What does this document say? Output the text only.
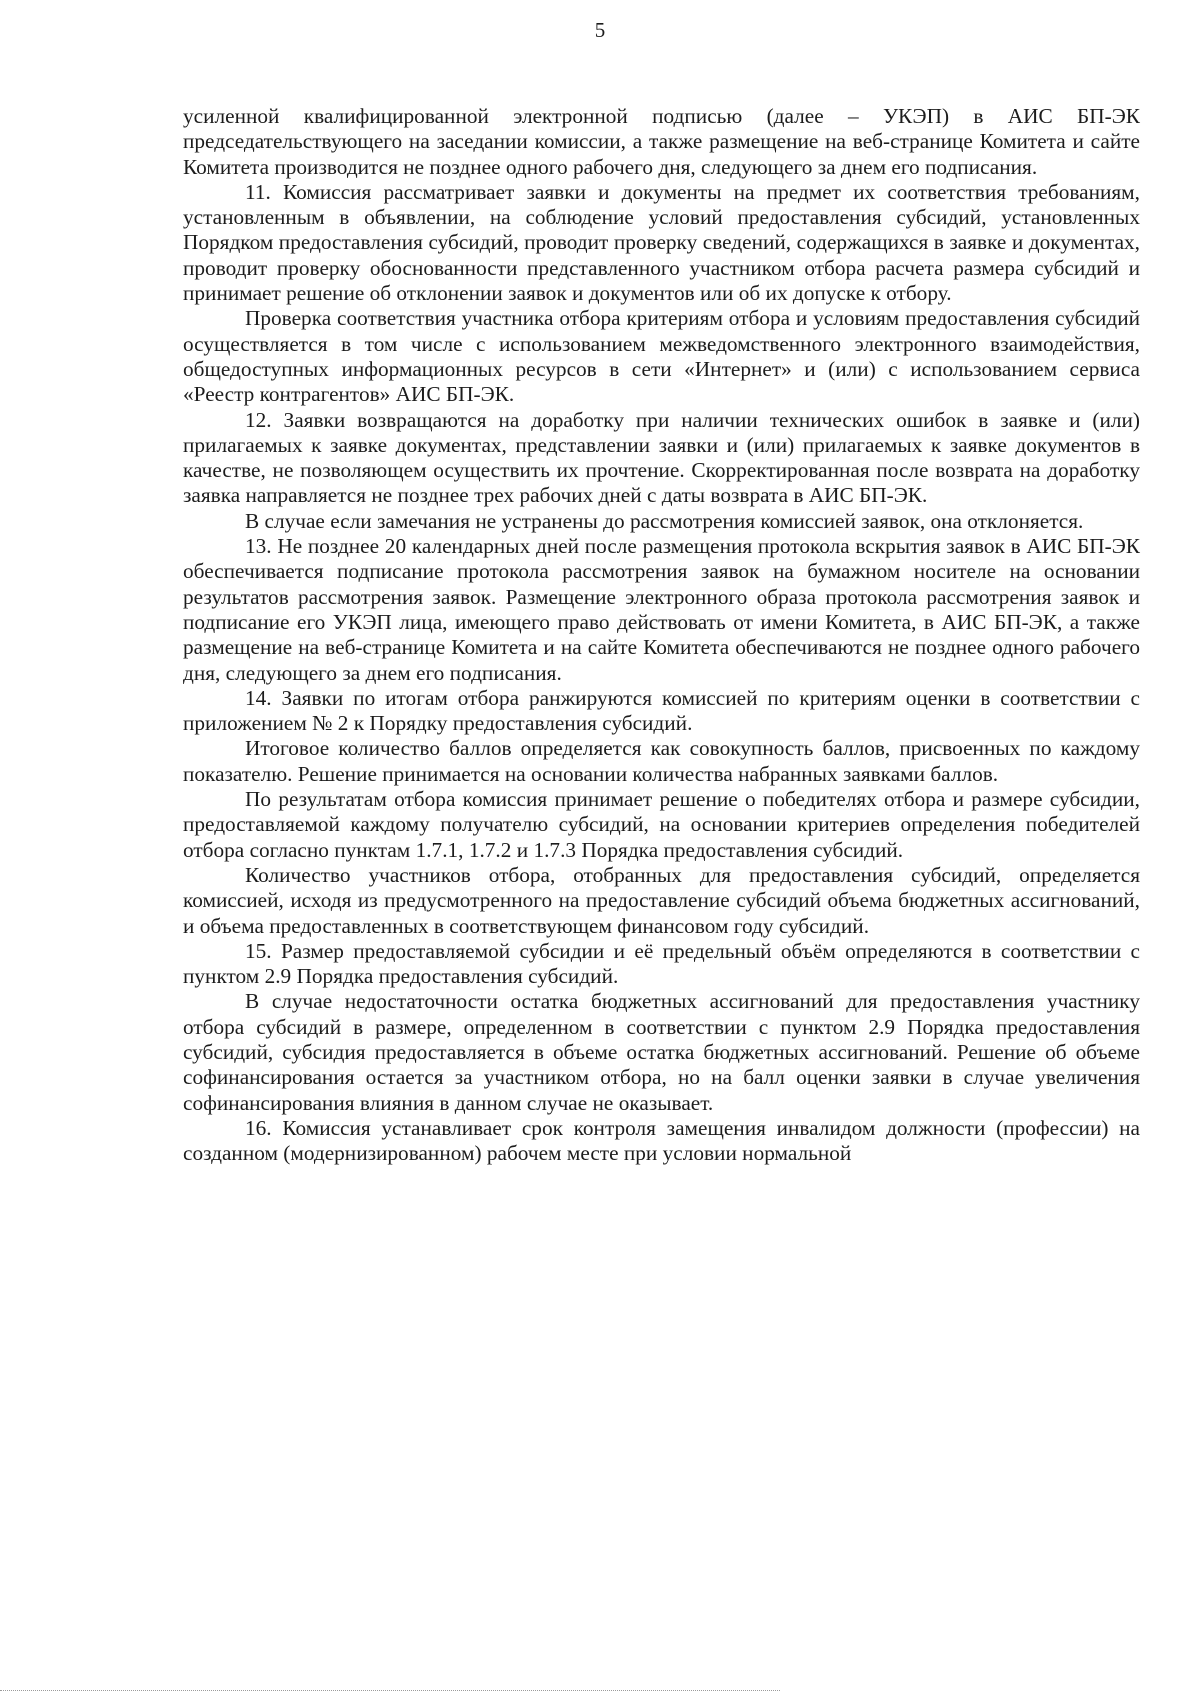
5

усиленной квалифицированной электронной подписью (далее – УКЭП) в АИС БП-ЭК председательствующего на заседании комиссии, а также размещение на веб-странице Комитета и сайте Комитета производится не позднее одного рабочего дня, следующего за днем его подписания.

11. Комиссия рассматривает заявки и документы на предмет их соответствия требованиям, установленным в объявлении, на соблюдение условий предоставления субсидий, установленных Порядком предоставления субсидий, проводит проверку сведений, содержащихся в заявке и документах, проводит проверку обоснованности представленного участником отбора расчета размера субсидий и принимает решение об отклонении заявок и документов или об их допуске к отбору.

Проверка соответствия участника отбора критериям отбора и условиям предоставления субсидий осуществляется в том числе с использованием межведомственного электронного взаимодействия, общедоступных информационных ресурсов в сети «Интернет» и (или) с использованием сервиса «Реестр контрагентов» АИС БП-ЭК.

12. Заявки возвращаются на доработку при наличии технических ошибок в заявке и (или) прилагаемых к заявке документах, представлении заявки и (или) прилагаемых к заявке документов в качестве, не позволяющем осуществить их прочтение. Скорректированная после возврата на доработку заявка направляется не позднее трех рабочих дней с даты возврата в АИС БП-ЭК.

В случае если замечания не устранены до рассмотрения комиссией заявок, она отклоняется.

13. Не позднее 20 календарных дней после размещения протокола вскрытия заявок в АИС БП-ЭК обеспечивается подписание протокола рассмотрения заявок на бумажном носителе на основании результатов рассмотрения заявок. Размещение электронного образа протокола рассмотрения заявок и подписание его УКЭП лица, имеющего право действовать от имени Комитета, в АИС БП-ЭК, а также размещение на веб-странице Комитета и на сайте Комитета обеспечиваются не позднее одного рабочего дня, следующего за днем его подписания.

14. Заявки по итогам отбора ранжируются комиссией по критериям оценки в соответствии с приложением № 2 к Порядку предоставления субсидий.

Итоговое количество баллов определяется как совокупность баллов, присвоенных по каждому показателю. Решение принимается на основании количества набранных заявками баллов.

По результатам отбора комиссия принимает решение о победителях отбора и размере субсидии, предоставляемой каждому получателю субсидий, на основании критериев определения победителей отбора согласно пунктам 1.7.1, 1.7.2 и 1.7.3 Порядка предоставления субсидий.

Количество участников отбора, отобранных для предоставления субсидий, определяется комиссией, исходя из предусмотренного на предоставление субсидий объема бюджетных ассигнований, и объема предоставленных в соответствующем финансовом году субсидий.

15. Размер предоставляемой субсидии и её предельный объём определяются в соответствии с пунктом 2.9 Порядка предоставления субсидий.

В случае недостаточности остатка бюджетных ассигнований для предоставления участнику отбора субсидий в размере, определенном в соответствии с пунктом 2.9 Порядка предоставления субсидий, субсидия предоставляется в объеме остатка бюджетных ассигнований. Решение об объеме софинансирования остается за участником отбора, но на балл оценки заявки в случае увеличения софинансирования влияния в данном случае не оказывает.

16. Комиссия устанавливает срок контроля замещения инвалидом должности (профессии) на созданном (модернизированном) рабочем месте при условии нормальной
